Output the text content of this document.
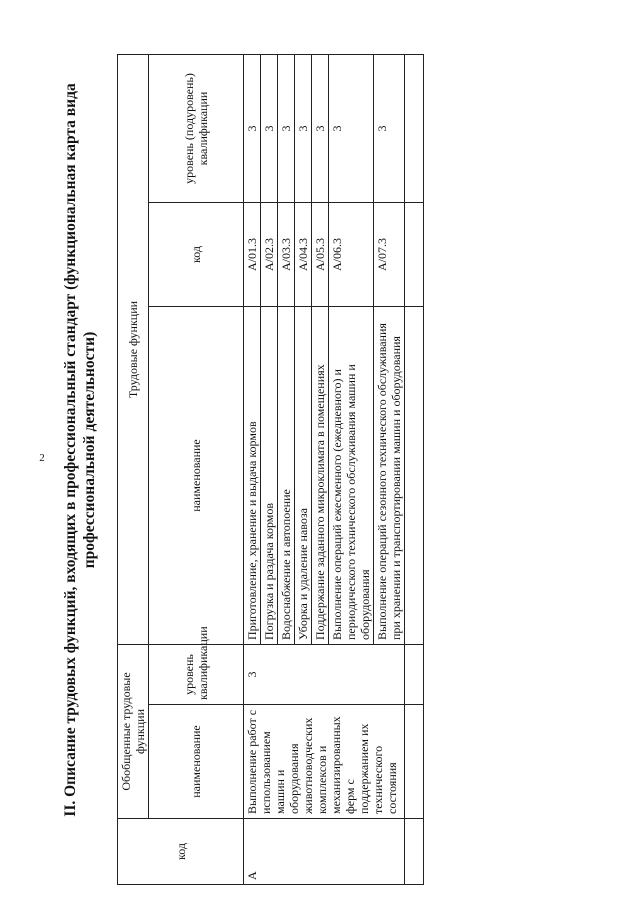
2 II. Описание трудовых функций, входящих в профессиональный стандарт (функциональная карта вида профессиональной деятельности)
код	Обобщенные трудовые функции		Трудовые функции		
	наименование	уровень квалификации	наименование	код	уровень (подуровень) квалификации
А	Выполнение работ с использованием машин и оборудования животноводческих комплексов и механизированных ферм с поддержанием их технического состояния	3	Приготовление, хранение и выдача кормов	A/01.3	3
			Погрузка и раздача кормов	A/02.3	3
			Водоснабжение и автопоение	A/03.3	3
			Уборка и удаление навоза	A/04.3	3
			Поддержание заданного микроклимата в помещениях	A/05.3	3
			Выполнение операций ежесменного (ежедневного) и периодического технического обслуживания машин и оборудования	A/06.3	3
			Выполнение операций сезонного технического обслуживания при хранении и транспортировании машин и оборудования	A/07.3	3
